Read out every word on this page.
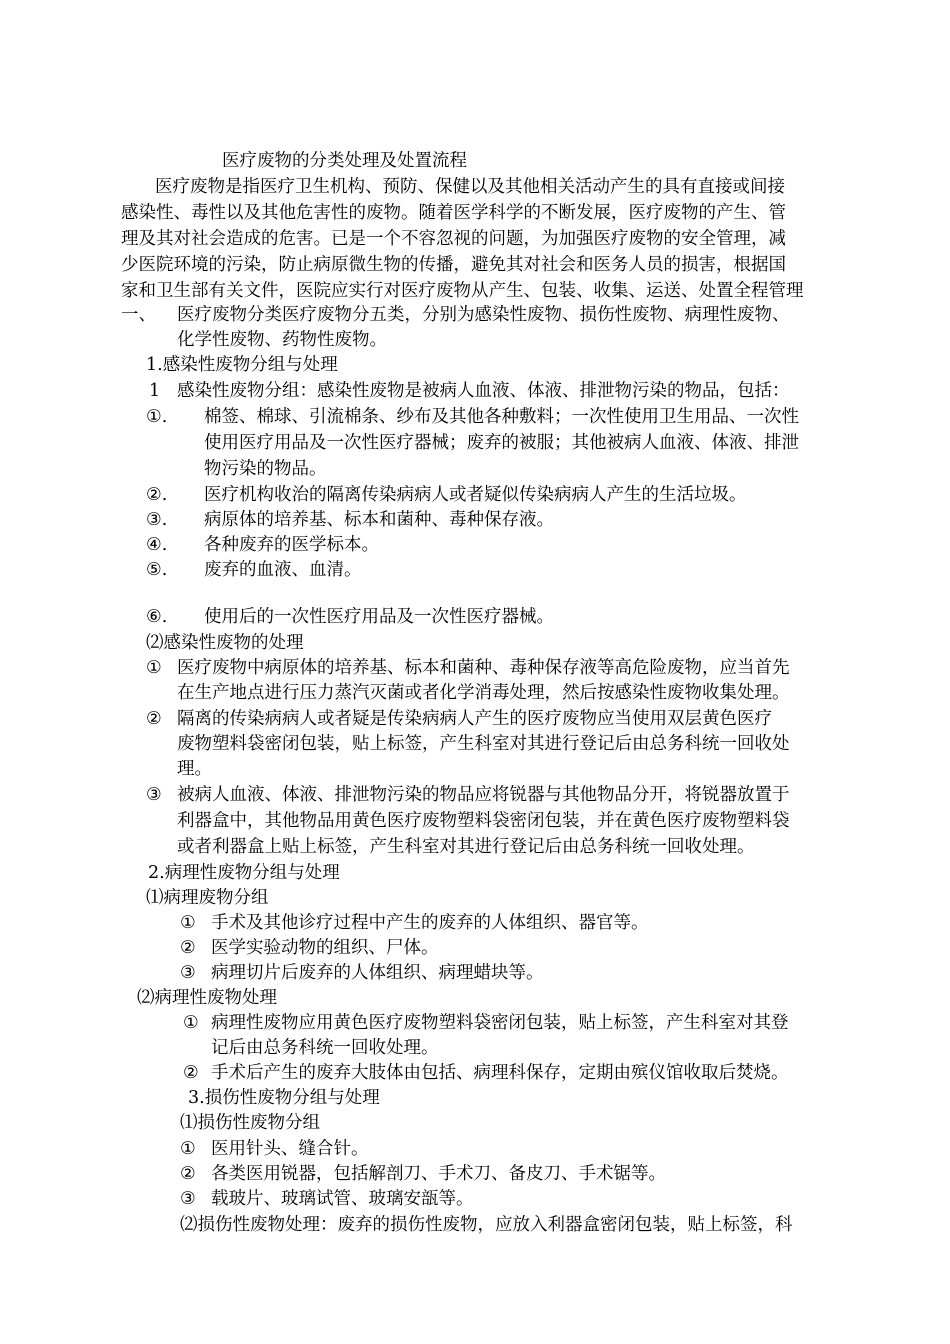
医疗废物的分类处理及处置流程
医疗废物是指医疗卫生机构、预防、保健以及其他相关活动产生的具有直接或间接
感染性、毒性以及其他危害性的废物。随着医学科学的不断发展，医疗废物的产生、管
理及其对社会造成的危害。已是一个不容忽视的问题，为加强医疗废物的安全管理，减
少医院环境的污染，防止病原微生物的传播，避免其对社会和医务人员的损害，根据国
家和卫生部有关文件，医院应实行对医疗废物从产生、包装、收集、运送、处置全程管理
一、 医疗废物分类医疗废物分五类，分别为感染性废物、损伤性废物、病理性废物、
化学性废物、药物性废物。
1.感染性废物分组与处理
1 感染性废物分组：感染性废物是被病人血液、体液、排泄物污染的物品，包括：
①. 棉签、棉球、引流棉条、纱布及其他各种敷料；一次性使用卫生用品、一次性
使用医疗用品及一次性医疗器械；废弃的被服；其他被病人血液、体液、排泄
物污染的物品。
②. 医疗机构收治的隔离传染病病人或者疑似传染病病人产生的生活垃圾。
③. 病原体的培养基、标本和菌种、毒种保存液。
④. 各种废弃的医学标本。
⑤. 废弃的血液、血清。
⑥. 使用后的一次性医疗用品及一次性医疗器械。
⑵感染性废物的处理
① 医疗废物中病原体的培养基、标本和菌种、毒种保存液等高危险废物，应当首先
在生产地点进行压力蒸汽灭菌或者化学消毒处理，然后按感染性废物收集处理。
② 隔离的传染病病人或者疑是传染病病人产生的医疗废物应当使用双层黄色医疗
废物塑料袋密闭包装，贴上标签，产生科室对其进行登记后由总务科统一回收处
理。
③ 被病人血液、体液、排泄物污染的物品应将锐器与其他物品分开，将锐器放置于
利器盒中，其他物品用黄色医疗废物塑料袋密闭包装，并在黄色医疗废物塑料袋
或者利器盒上贴上标签，产生科室对其进行登记后由总务科统一回收处理。
2.病理性废物分组与处理
⑴病理废物分组
① 手术及其他诊疗过程中产生的废弃的人体组织、器官等。
② 医学实验动物的组织、尸体。
③ 病理切片后废弃的人体组织、病理蜡块等。
⑵病理性废物处理
① 病理性废物应用黄色医疗废物塑料袋密闭包装，贴上标签，产生科室对其登
记后由总务科统一回收处理。
② 手术后产生的废弃大肢体由包括、病理科保存，定期由殡仪馆收取后焚烧。
3.损伤性废物分组与处理
⑴损伤性废物分组
① 医用针头、缝合针。
② 各类医用锐器，包括解剖刀、手术刀、备皮刀、手术锯等。
③ 载玻片、玻璃试管、玻璃安瓿等。
⑵损伤性废物处理：废弃的损伤性废物，应放入利器盒密闭包装，贴上标签，科
